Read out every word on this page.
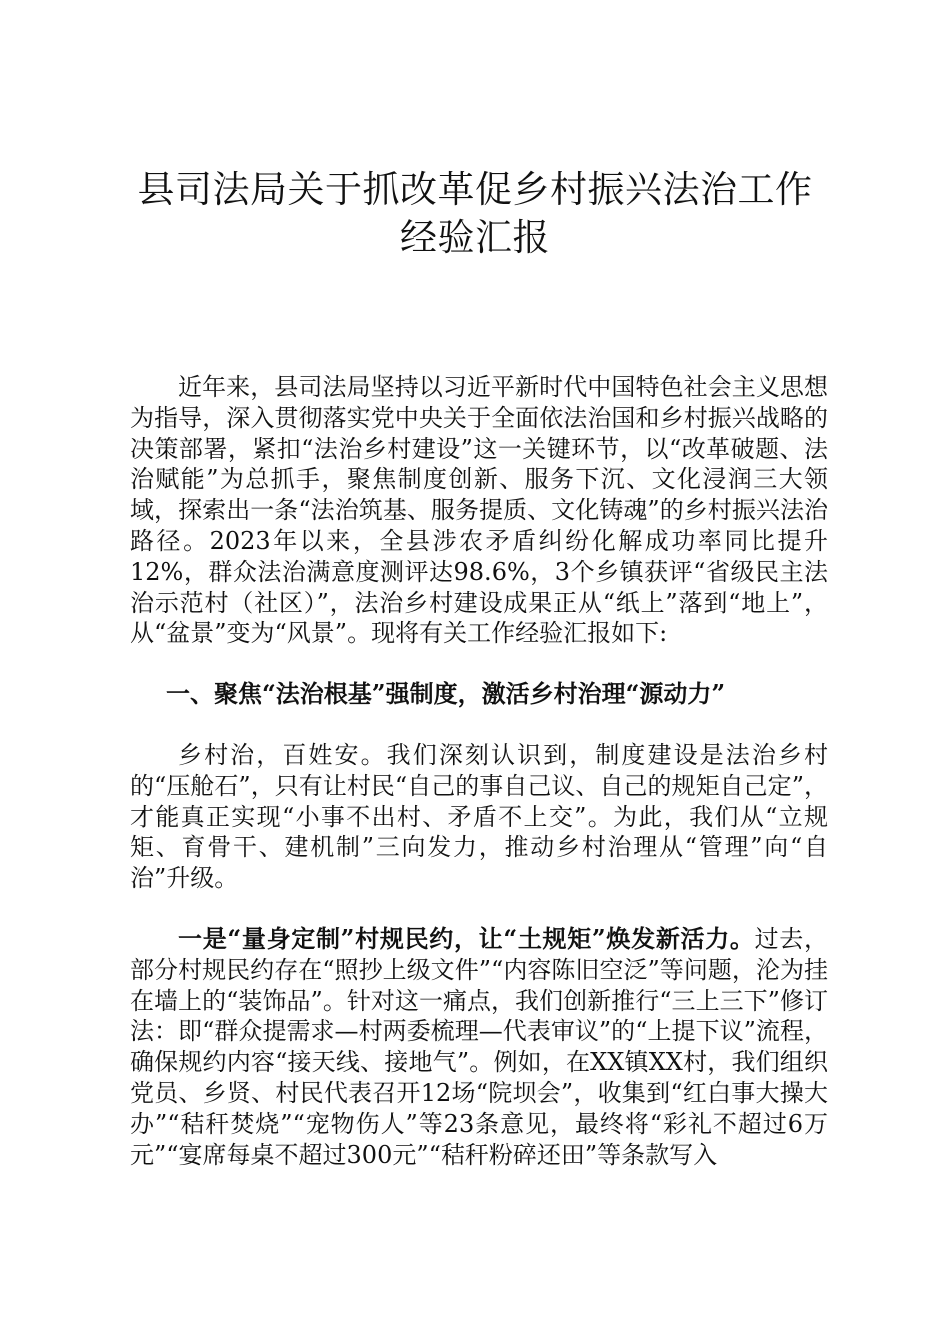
县司法局关于抓改革促乡村振兴法治工作经验汇报

近年来，县司法局坚持以习近平新时代中国特色社会主义思想为指导，深入贯彻落实党中央关于全面依法治国和乡村振兴战略的决策部署，紧扣“法治乡村建设”这一关键环节，以“改革破题、法治赋能”为总抓手，聚焦制度创新、服务下沉、文化浸润三大领域，探索出一条“法治筑基、服务提质、文化铸魂”的乡村振兴法治路径。2023年以来，全县涉农矛盾纠纷化解成功率同比提升12%，群众法治满意度测评达98.6%，3个乡镇获评“省级民主法治示范村（社区）”，法治乡村建设成果正从“纸上”落到“地上”，从“盆景”变为“风景”。现将有关工作经验汇报如下:

一、聚焦“法治根基”强制度，激活乡村治理“源动力”

乡村治，百姓安。我们深刻认识到，制度建设是法治乡村的“压舱石”，只有让村民“自己的事自己议、自己的规矩自己定”，才能真正实现“小事不出村、矛盾不上交”。为此，我们从“立规矩、育骨干、建机制”三向发力，推动乡村治理从“管理”向“自治”升级。

一是“量身定制”村规民约，让“土规矩”焕发新活力。过去，部分村规民约存在“照抄上级文件”“内容陈旧空泛”等问题，沦为挂在墙上的“装饰品”。针对这一痛点，我们创新推行“三上三下”修订法：即“群众提需求—村两委梳理—代表审议”的“上提下议”流程，确保规约内容“接天线、接地气”。例如，在XX镇XX村，我们组织党员、乡贤、村民代表召开12场“院坝会”，收集到“红白事大操大办”“秸秆焚烧”“宠物伤人”等23条意见，最终将“彩礼不超过6万元”“宴席每桌不超过300元”“秸秆粉碎还田”等条款写入
